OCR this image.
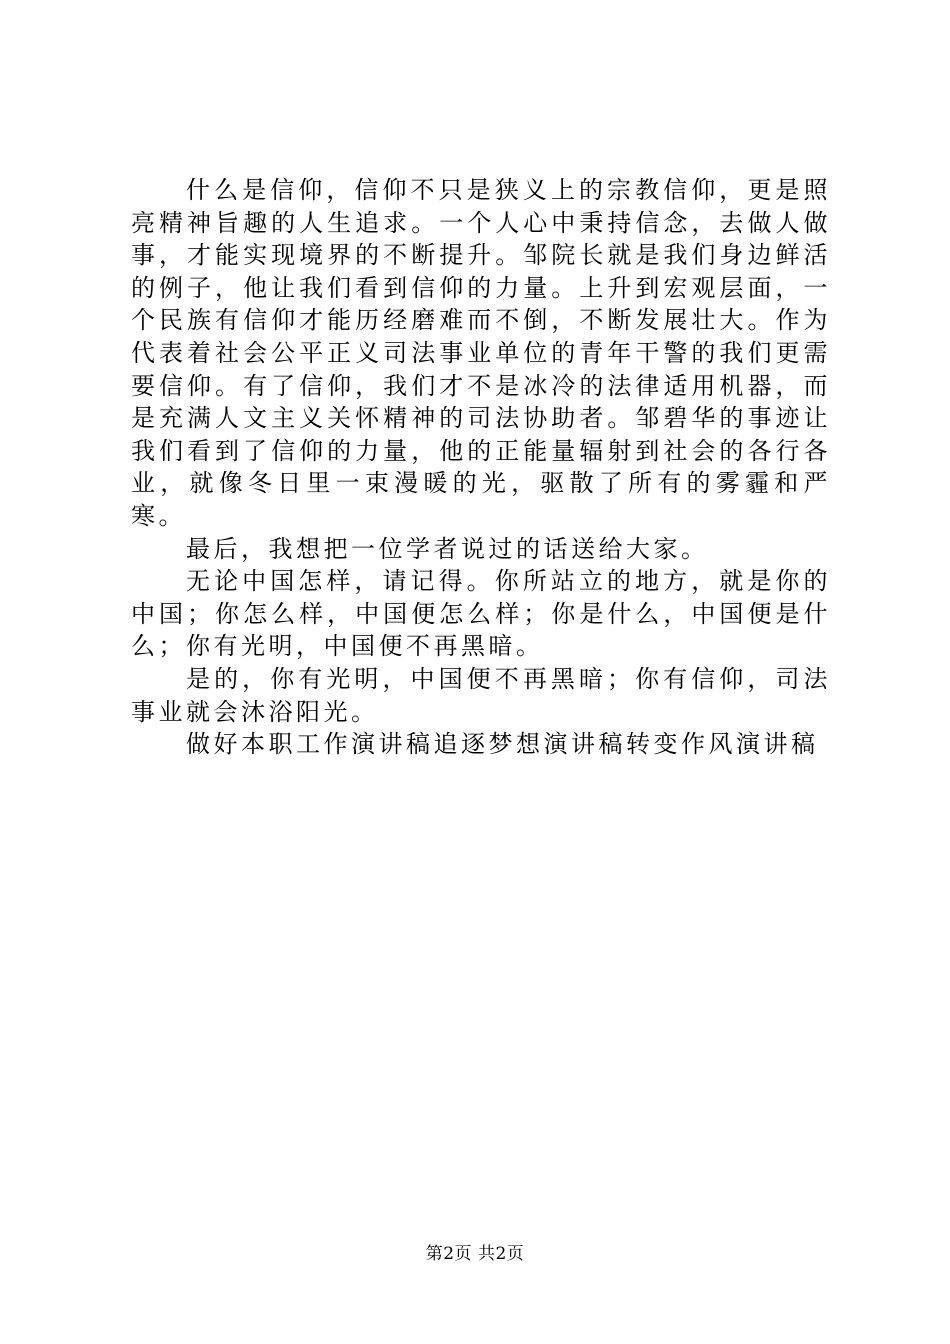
什么是信仰，信仰不只是狭义上的宗教信仰，更是照亮精神旨趣的人生追求。一个人心中秉持信念，去做人做事，才能实现境界的不断提升。邹院长就是我们身边鲜活的例子，他让我们看到信仰的力量。上升到宏观层面，一个民族有信仰才能历经磨难而不倒，不断发展壮大。作为代表着社会公平正义司法事业单位的青年干警的我们更需要信仰。有了信仰，我们才不是冰冷的法律适用机器，而是充满人文主义关怀精神的司法协助者。邹碧华的事迹让我们看到了信仰的力量，他的正能量辐射到社会的各行各业，就像冬日里一束漫暖的光，驱散了所有的雾霾和严寒。

最后，我想把一位学者说过的话送给大家。

无论中国怎样，请记得。你所站立的地方，就是你的中国；你怎么样，中国便怎么样；你是什么，中国便是什么；你有光明，中国便不再黑暗。

是的，你有光明，中国便不再黑暗；你有信仰，司法事业就会沐浴阳光。

做好本职工作演讲稿追逐梦想演讲稿转变作风演讲稿

第2页 共2页
